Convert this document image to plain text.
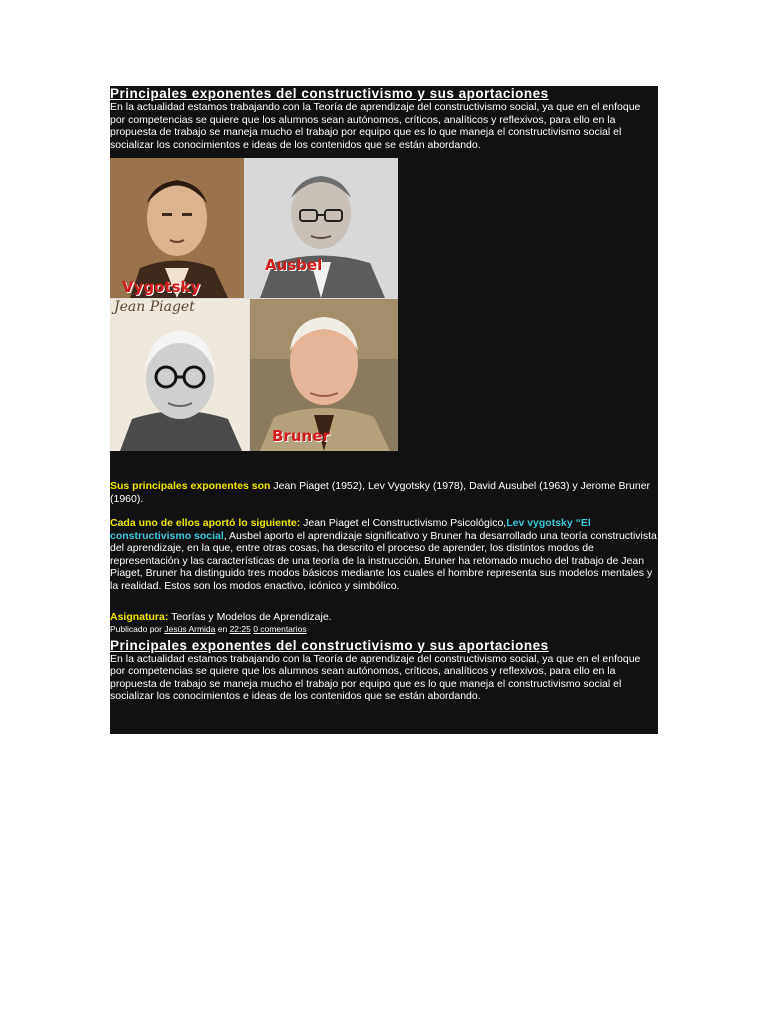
Principales exponentes del constructivismo y sus aportaciones

En la actualidad estamos trabajando con la Teoría de aprendizaje del constructivismo social, ya que en el enfoque por competencias se quiere que los alumnos sean autónomos, críticos, analíticos y reflexivos, para ello en la propuesta de trabajo se maneja mucho el trabajo por equipo que es lo que maneja el constructivismo social el socializar los conocimientos e ideas de los contenidos que se están abordando.

Vygotsky
Ausbel
Jean Piaget
Bruner

Sus principales exponentes son Jean Piaget (1952), Lev Vygotsky (1978), David Ausubel (1963) y Jerome Bruner (1960).

Cada uno de ellos aportó lo siguiente: Jean Piaget el Constructivismo Psicológico,Lev vygotsky “El constructivismo social, Ausbel aporto el aprendizaje significativo y Bruner ha desarrollado una teoría constructivista del aprendizaje, en la que, entre otras cosas, ha descrito el proceso de aprender, los distintos modos de representación y las características de una teoría de la instrucción. Bruner ha retomado mucho del trabajo de Jean Piaget, Bruner ha distinguido tres modos básicos mediante los cuales el hombre representa sus modelos mentales y la realidad. Estos son los modos enactivo, icónico y simbólico.

Asignatura: Teorías y Modelos de Aprendizaje.

Publicado por Jesús Armida en 22:25 0 comentarios
Principales exponentes del constructivismo y sus aportaciones

En la actualidad estamos trabajando con la Teoría de aprendizaje del constructivismo social, ya que en el enfoque por competencias se quiere que los alumnos sean autónomos, críticos, analíticos y reflexivos, para ello en la propuesta de trabajo se maneja mucho el trabajo por equipo que es lo que maneja el constructivismo social el socializar los conocimientos e ideas de los contenidos que se están abordando.
